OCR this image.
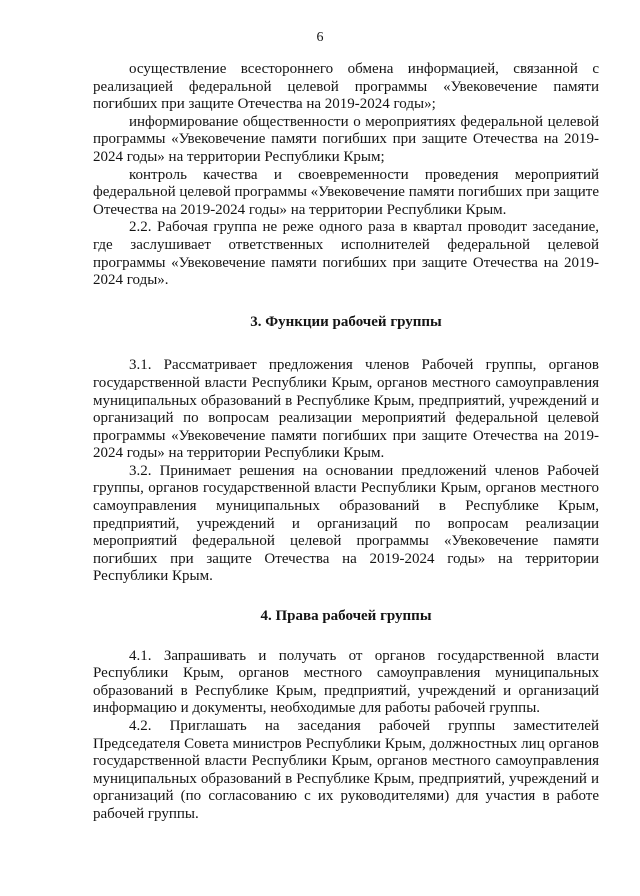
6

осуществление всестороннего обмена информацией, связанной с реализацией федеральной целевой программы «Увековечение памяти погибших при защите Отечества на 2019-2024 годы»;

информирование общественности о мероприятиях федеральной целевой программы «Увековечение памяти погибших при защите Отечества на 2019-2024 годы» на территории Республики Крым;

контроль качества и своевременности проведения мероприятий федеральной целевой программы «Увековечение памяти погибших при защите Отечества на 2019-2024 годы» на территории Республики Крым.

2.2. Рабочая группа не реже одного раза в квартал проводит заседание, где заслушивает ответственных исполнителей федеральной целевой программы «Увековечение памяти погибших при защите Отечества на 2019-2024 годы».

3. Функции рабочей группы

3.1. Рассматривает предложения членов Рабочей группы, органов государственной власти Республики Крым, органов местного самоуправления муниципальных образований в Республике Крым, предприятий, учреждений и организаций по вопросам реализации мероприятий федеральной целевой программы «Увековечение памяти погибших при защите Отечества на 2019-2024 годы» на территории Республики Крым.

3.2. Принимает решения на основании предложений членов Рабочей группы, органов государственной власти Республики Крым, органов местного самоуправления муниципальных образований в Республике Крым, предприятий, учреждений и организаций по вопросам реализации мероприятий федеральной целевой программы «Увековечение памяти погибших при защите Отечества на 2019-2024 годы» на территории Республики Крым.

4. Права рабочей группы

4.1. Запрашивать и получать от органов государственной власти Республики Крым, органов местного самоуправления муниципальных образований в Республике Крым, предприятий, учреждений и организаций информацию и документы, необходимые для работы рабочей группы.

4.2. Приглашать на заседания рабочей группы заместителей Председателя Совета министров Республики Крым, должностных лиц органов государственной власти Республики Крым, органов местного самоуправления муниципальных образований в Республике Крым, предприятий, учреждений и организаций (по согласованию с их руководителями) для участия в работе рабочей группы.
